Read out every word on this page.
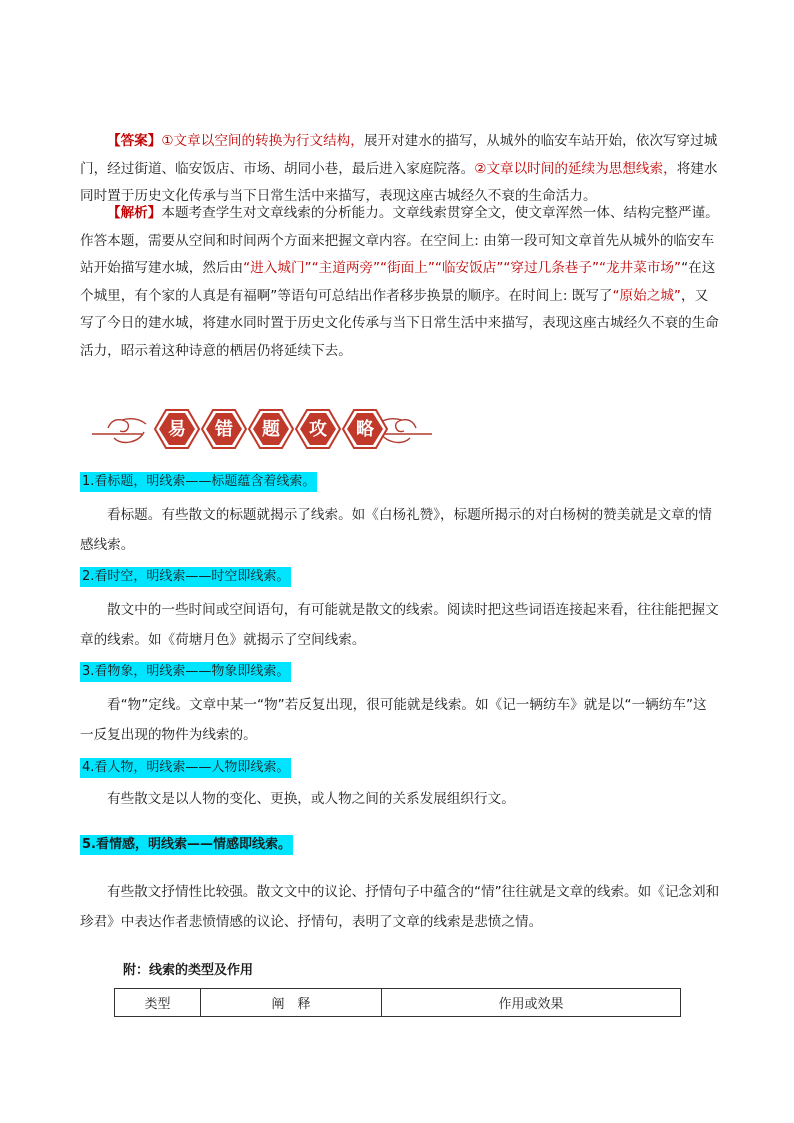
【答案】①文章以空间的转换为行文结构，展开对建水的描写，从城外的临安车站开始，依次写穿过城门，经过街道、临安饭店、市场、胡同小巷，最后进入家庭院落。②文章以时间的延续为思想线索，将建水同时置于历史文化传承与当下日常生活中来描写，表现这座古城经久不衰的生命活力。
【解析】本题考查学生对文章线索的分析能力。文章线索贯穿全文，使文章浑然一体、结构完整严谨。作答本题，需要从空间和时间两个方面来把握文章内容。在空间上: 由第一段可知文章首先从城外的临安车站开始描写建水城，然后由“进入城门”“主道两旁”“街面上”“临安饭店”“穿过几条巷子”“龙井菜市场”“在这个城里，有个家的人真是有福啊”等语句可总结出作者移步换景的顺序。在时间上: 既写了“原始之城”，又写了今日的建水城，将建水同时置于历史文化传承与当下日常生活中来描写，表现这座古城经久不衰的生命活力，昭示着这种诗意的栖居仍将延续下去。
易 错 题 攻 略
1.看标题，明线索——标题蕴含着线索。
看标题。有些散文的标题就揭示了线索。如《白杨礼赞》，标题所揭示的对白杨树的赞美就是文章的情感线索。
2.看时空，明线索——时空即线索。
散文中的一些时间或空间语句，有可能就是散文的线索。阅读时把这些词语连接起来看，往往能把握文章的线索。如《荷塘月色》就揭示了空间线索。
3.看物象，明线索——物象即线索。
看“物”定线。文章中某一“物”若反复出现，很可能就是线索。如《记一辆纺车》就是以“一辆纺车”这一反复出现的物件为线索的。
4.看人物，明线索——人物即线索。
有些散文是以人物的变化、更换，或人物之间的关系发展组织行文。
5.看情感，明线索——情感即线索。
有些散文抒情性比较强。散文文中的议论、抒情句子中蕴含的“情”往往就是文章的线索。如《记念刘和珍君》中表达作者悲愤情感的议论、抒情句，表明了文章的线索是悲愤之情。
附：线索的类型及作用
类型	阐　释	作用或效果
